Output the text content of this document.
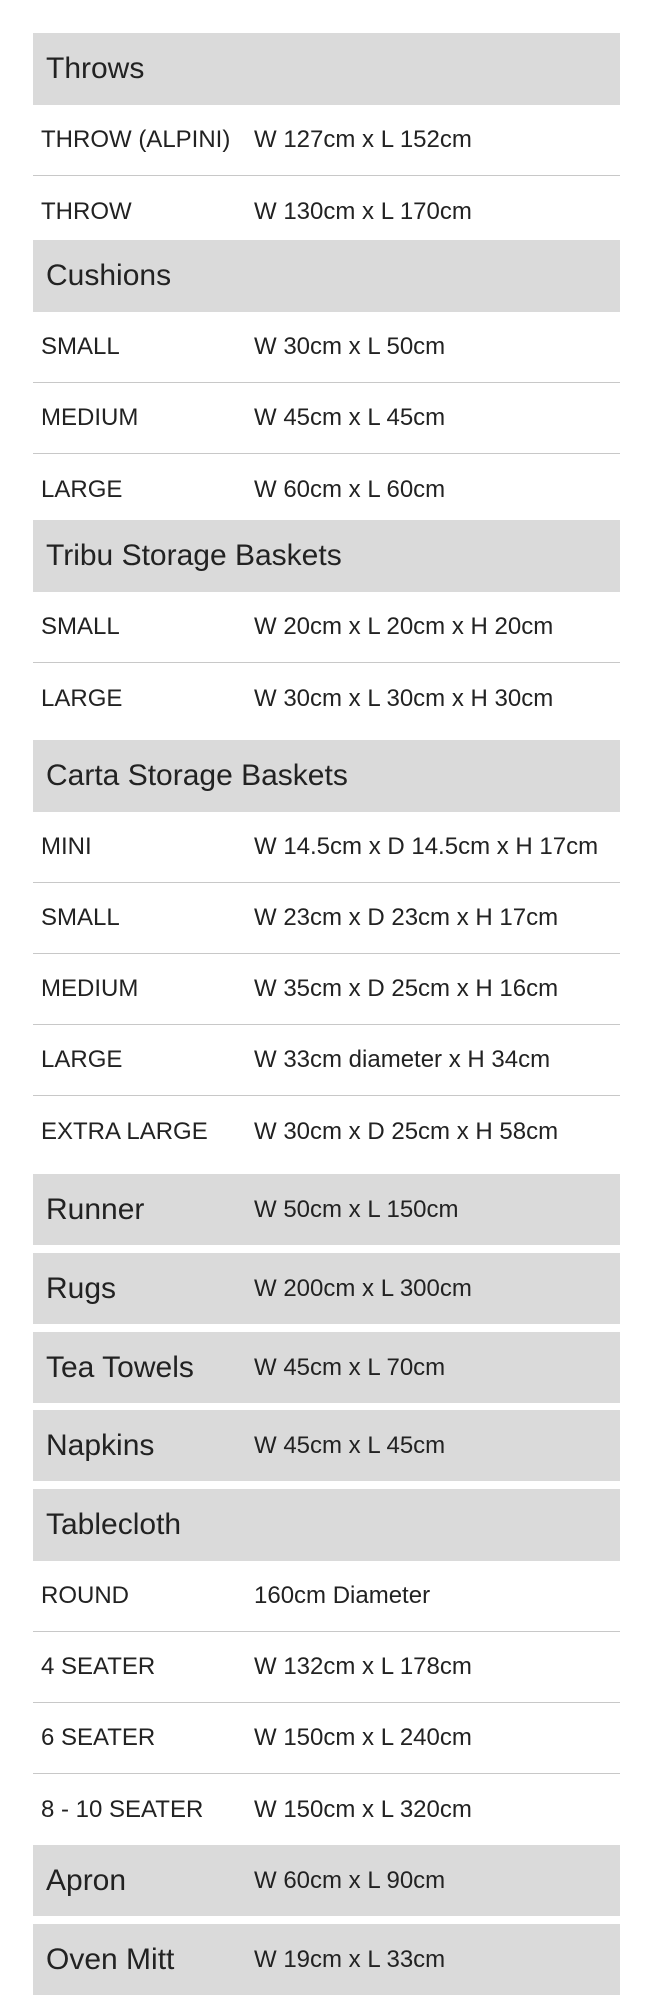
Throws
THROW (ALPINI) W 127cm x L 152cm
THROW	W 130cm x L 170cm
Cushions
SMALL	W 30cm x L 50cm
MEDIUM	W 45cm x L 45cm
LARGE	W 60cm x L 60cm
Tribu Storage Baskets
SMALL	W 20cm x L 20cm x H 20cm
LARGE	W 30cm x L 30cm x H 30cm
Carta Storage Baskets
MINI	W 14.5cm x D 14.5cm x H 17cm
SMALL	W 23cm x D 23cm x H 17cm
MEDIUM	W 35cm x D 25cm x H 16cm
LARGE	W 33cm diameter x H 34cm
EXTRA LARGE W 30cm x D 25cm x H 58cm
Runner	W 50cm x L 150cm
Rugs	W 200cm x L 300cm
Tea Towels	W 45cm x L 70cm
Napkins	W 45cm x L 45cm
Tablecloth
ROUND	160cm Diameter
4 SEATER	W 132cm x L 178cm
6 SEATER	W 150cm x L 240cm
8 - 10 SEATER W 150cm x L 320cm
Apron	W 60cm x L 90cm
Oven Mitt	W 19cm x L 33cm
